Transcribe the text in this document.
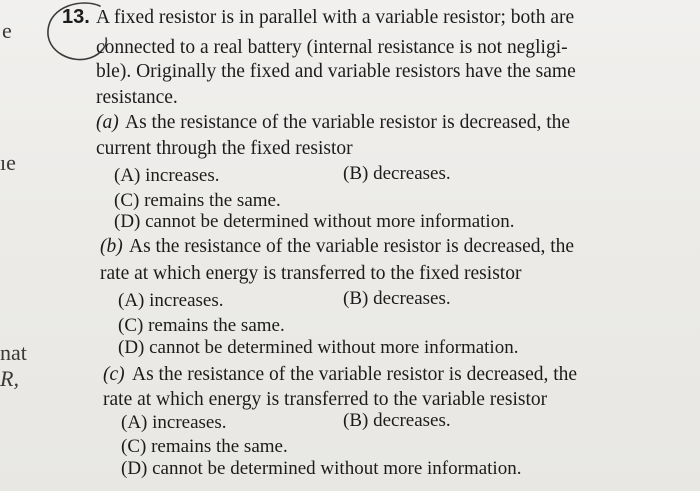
e
ıe
nat
R,
13. A fixed resistor is in parallel with a variable resistor; both are
connected to a real battery (internal resistance is not negligi-
ble). Originally the fixed and variable resistors have the same
resistance.
(a) As the resistance of the variable resistor is decreased, the
current through the fixed resistor
(A) increases.	(B) decreases.
(C) remains the same.
(D) cannot be determined without more information.
(b) As the resistance of the variable resistor is decreased, the
rate at which energy is transferred to the fixed resistor
(A) increases.	(B) decreases.
(C) remains the same.
(D) cannot be determined without more information.
(c) As the resistance of the variable resistor is decreased, the
rate at which energy is transferred to the variable resistor
(A) increases.	(B) decreases.
(C) remains the same.
(D) cannot be determined without more information.
